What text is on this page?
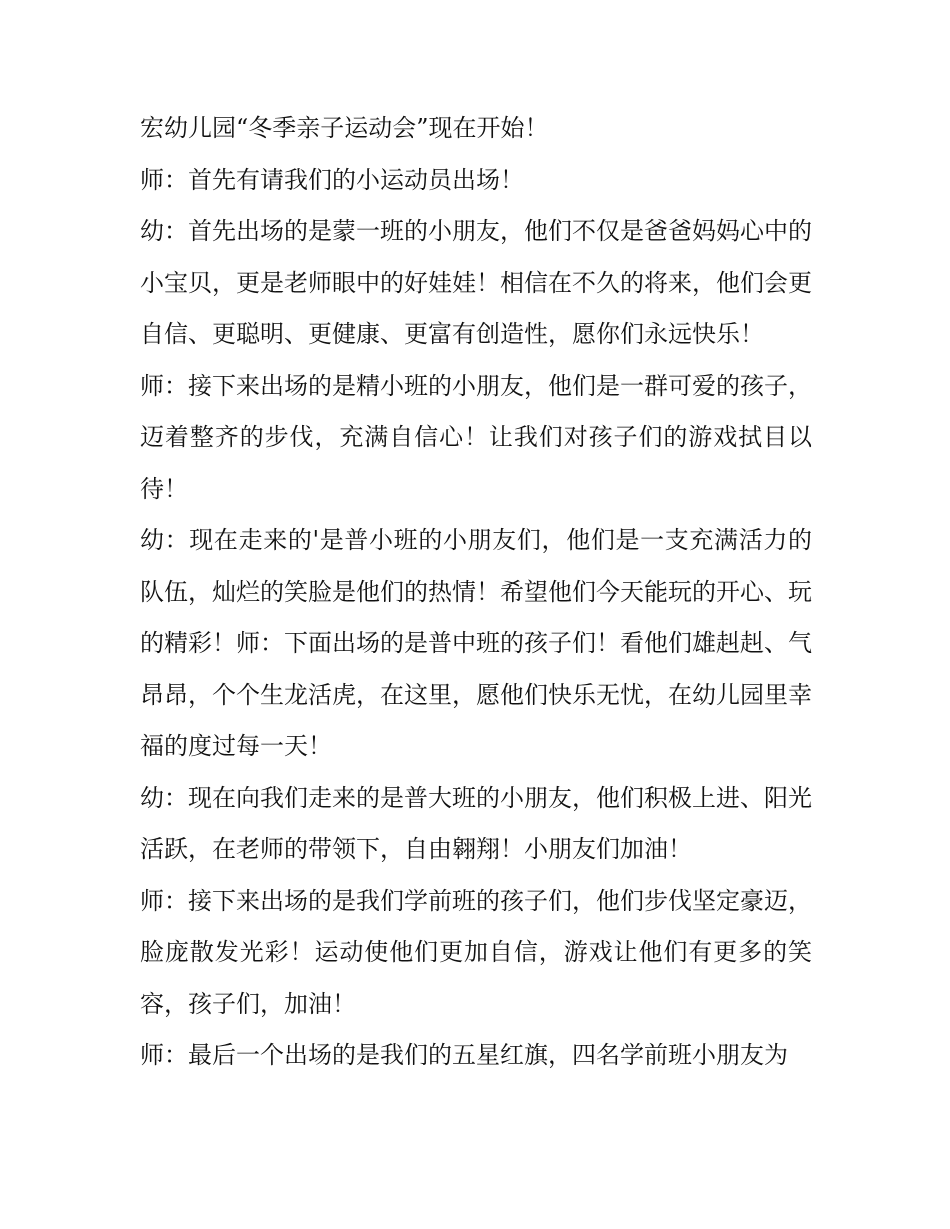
宏幼儿园“冬季亲子运动会”现在开始！

师：首先有请我们的小运动员出场！

幼：首先出场的是蒙一班的小朋友，他们不仅是爸爸妈妈心中的小宝贝，更是老师眼中的好娃娃！相信在不久的将来，他们会更自信、更聪明、更健康、更富有创造性，愿你们永远快乐！

师：接下来出场的是精小班的小朋友，他们是一群可爱的孩子，迈着整齐的步伐，充满自信心！让我们对孩子们的游戏拭目以待！

幼：现在走来的'是普小班的小朋友们，他们是一支充满活力的队伍，灿烂的笑脸是他们的热情！希望他们今天能玩的开心、玩的精彩！师：下面出场的是普中班的孩子们！看他们雄赳赳、气昂昂，个个生龙活虎，在这里，愿他们快乐无忧，在幼儿园里幸福的度过每一天！

幼：现在向我们走来的是普大班的小朋友，他们积极上进、阳光活跃，在老师的带领下，自由翱翔！小朋友们加油！

师：接下来出场的是我们学前班的孩子们，他们步伐坚定豪迈，脸庞散发光彩！运动使他们更加自信，游戏让他们有更多的笑容，孩子们，加油！

师：最后一个出场的是我们的五星红旗，四名学前班小朋友为
